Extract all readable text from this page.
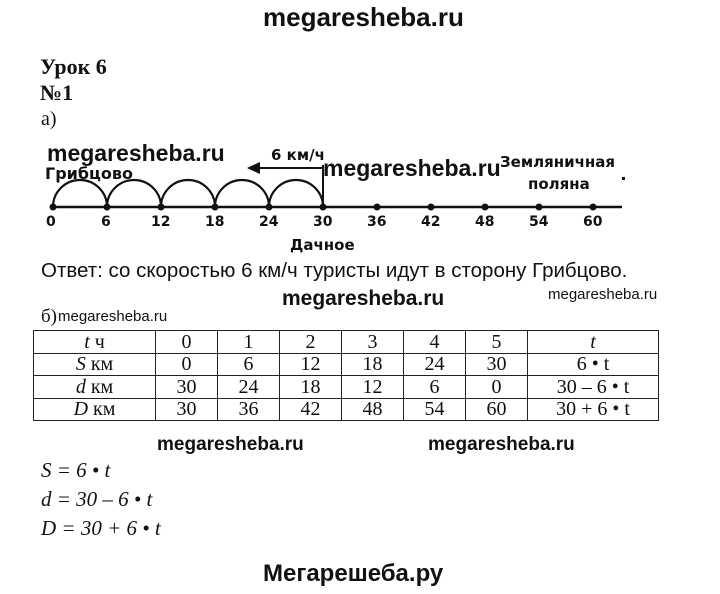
megaresheba.ru
megaresheba.ru
megaresheba.ru
megaresheba.ru	megaresheba.ru
megaresheba.ru	megaresheba.ru
Мегарешеба.ру
Урок 6
№1
а)
6 км/ч
Грибцово
Земляничная
поляна
Дачное
0	6	12 18 24 30 36 42 48 54 60
Ответ: со скоростью 6 км/ч туристы идут в сторону Грибцово.
б) megaresheba.ru
t ч	0	1	2	3	4	5	t
S км	0	6	12	18	24	30	6 • t
d км	30	24	18	12	6	0	30 – 6 • t
D км	30	36	42	48	54	60	30 + 6 • t
S = 6 • t
d = 30 – 6 • t
D = 30 + 6 • t
